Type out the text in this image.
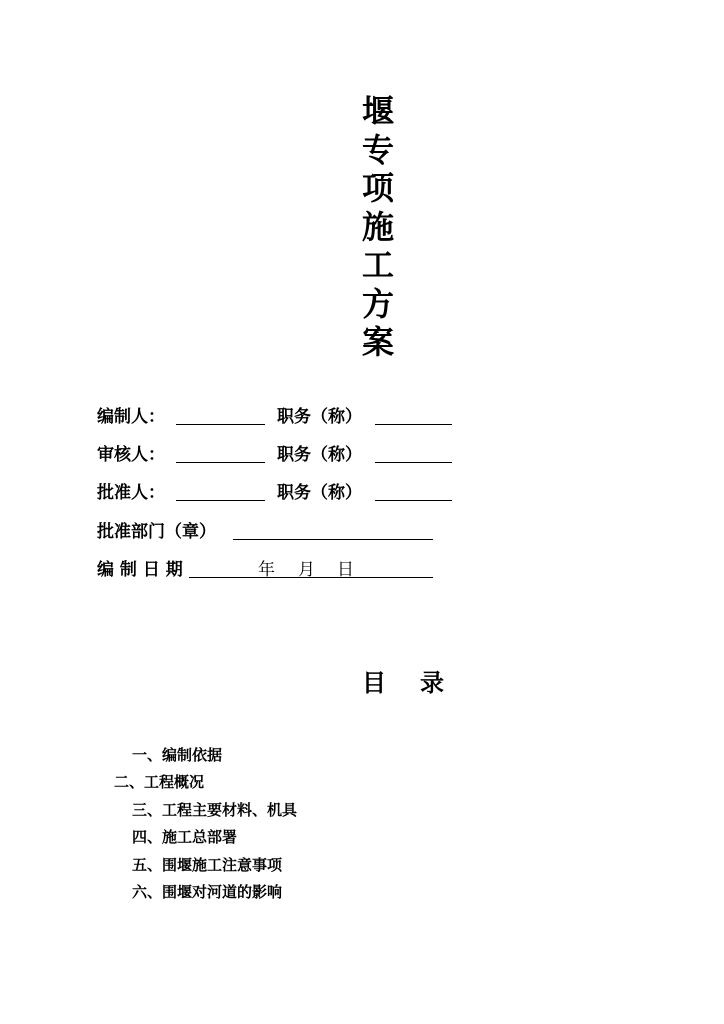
堰
专
项
施
工
方
案
编制人：	职务（称）
审核人：	职务（称）
批准人：	职务（称）
批准部门（章）
编 制 日 期	年 月 日
目 录
一、编制依据
二、工程概况
三、工程主要材料、机具
四、施工总部署
五、围堰施工注意事项
六、围堰对河道的影响
